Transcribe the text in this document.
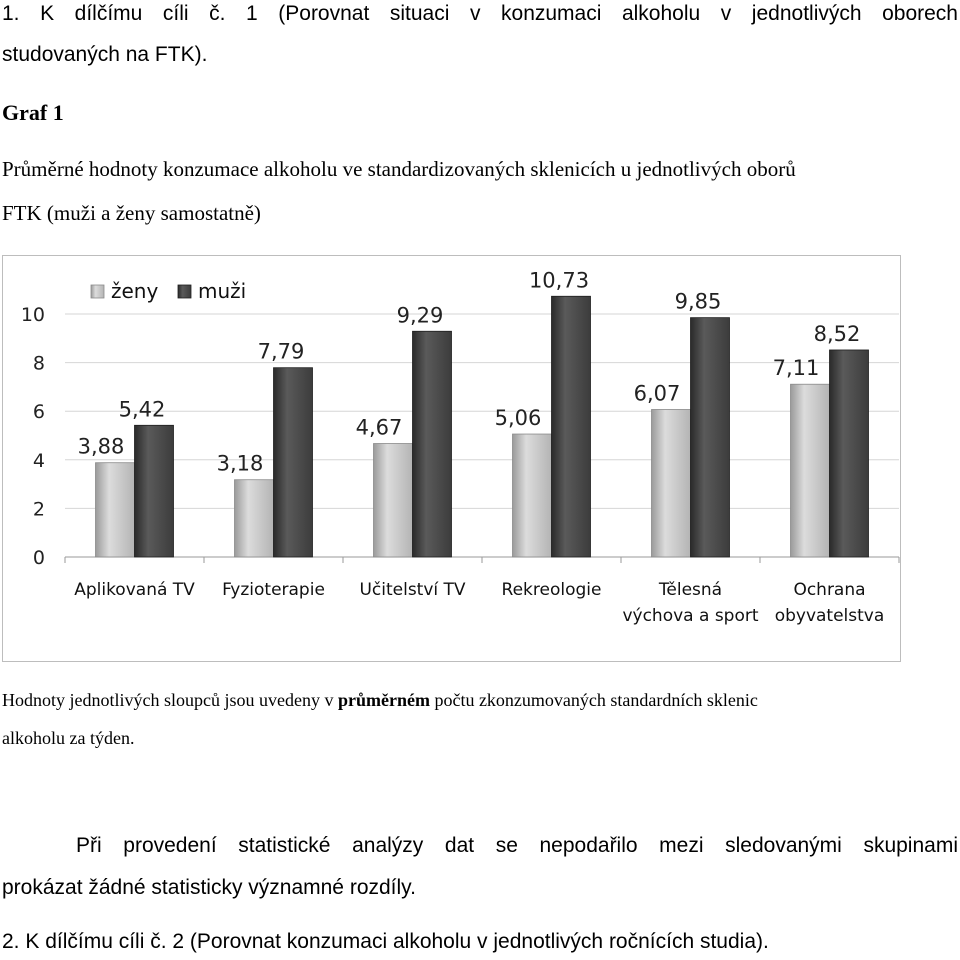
1. K dílčímu cíli č. 1 (Porovnat situaci v konzumaci alkoholu v jednotlivých oborech
studovaných na FTK).
Graf 1
Průměrné hodnoty konzumace alkoholu ve standardizovaných sklenicích u jednotlivých oborů
FTK (muži a ženy samostatně)
0
2
4
6
8
10
3,88
3,18
4,67	5,06
6,07
7,11
5,42
7,79
9,29
10,73
9,85
8,52
Aplikovaná TV Fyzioterapie Učitelství TV Rekreologie	Tělesná
výchova a sport
Ochrana
obyvatelstva
ženy muži
Hodnoty jednotlivých sloupců jsou uvedeny v průměrném počtu zkonzumovaných standardních sklenic
alkoholu za týden.
Při provedení statistické analýzy dat se nepodařilo mezi sledovanými skupinami
prokázat žádné statisticky významné rozdíly.
2. K dílčímu cíli č. 2 (Porovnat konzumaci alkoholu v jednotlivých ročnících studia).
